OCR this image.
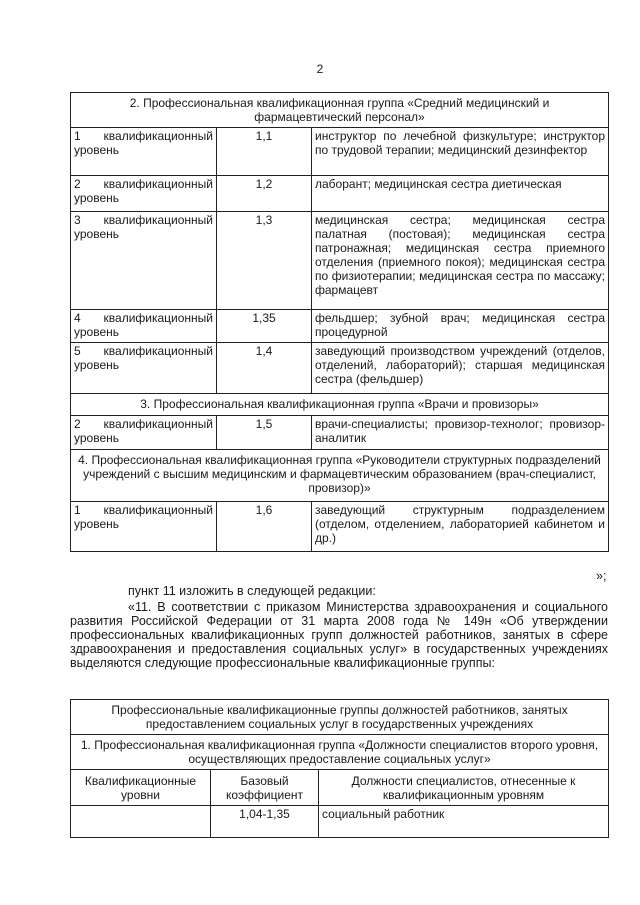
2
2. Профессиональная квалификационная группа «Средний медицинский и фармацевтический персонал»		
1 квалификационный уровень	1,1	инструктор по лечебной физкультуре; инструктор по трудовой терапии; медицинский дезинфектор
2 квалификационный уровень	1,2	лаборант; медицинская сестра диетическая
3 квалификационный уровень	1,3	медицинская сестра; медицинская сестра палатная (постовая); медицинская сестра патронажная; медицинская сестра приемного отделения (приемного покоя); медицинская сестра по физиотерапии; медицинская сестра по массажу; фармацевт
4 квалификационный уровень	1,35	фельдшер; зубной врач; медицинская сестра процедурной
5 квалификационный уровень	1,4	заведующий производством учреждений (отделов, отделений, лабораторий); старшая медицинская сестра (фельдшер)
3. Профессиональная квалификационная группа «Врачи и провизоры»		
2 квалификационный уровень	1,5	врачи-специалисты; провизор-технолог; провизор-аналитик
4. Профессиональная квалификационная группа «Руководители структурных подразделений учреждений с высшим медицинским и фармацевтическим образованием (врач-специалист, провизор)»		
1 квалификационный уровень	1,6	заведующий структурным подразделением (отделом, отделением, лабораторией кабинетом и др.)
»;
пункт 11 изложить в следующей редакции:
«11. В соответствии с приказом Министерства здравоохранения и социального развития Российской Федерации от 31 марта 2008 года № 149н «Об утверждении профессиональных квалификационных групп должностей работников, занятых в сфере здравоохранения и предоставления социальных услуг» в государственных учреждениях выделяются следующие профессиональные квалификационные группы:
Профессиональные квалификационные группы должностей работников, занятых предоставлением социальных услуг в государственных учреждениях		
1. Профессиональная квалификационная группа «Должности специалистов второго уровня, осуществляющих предоставление социальных услуг»		
Квалификационные уровни	Базовый коэффициент	Должности специалистов, отнесенные к квалификационным уровням
	1,04-1,35	социальный работник
